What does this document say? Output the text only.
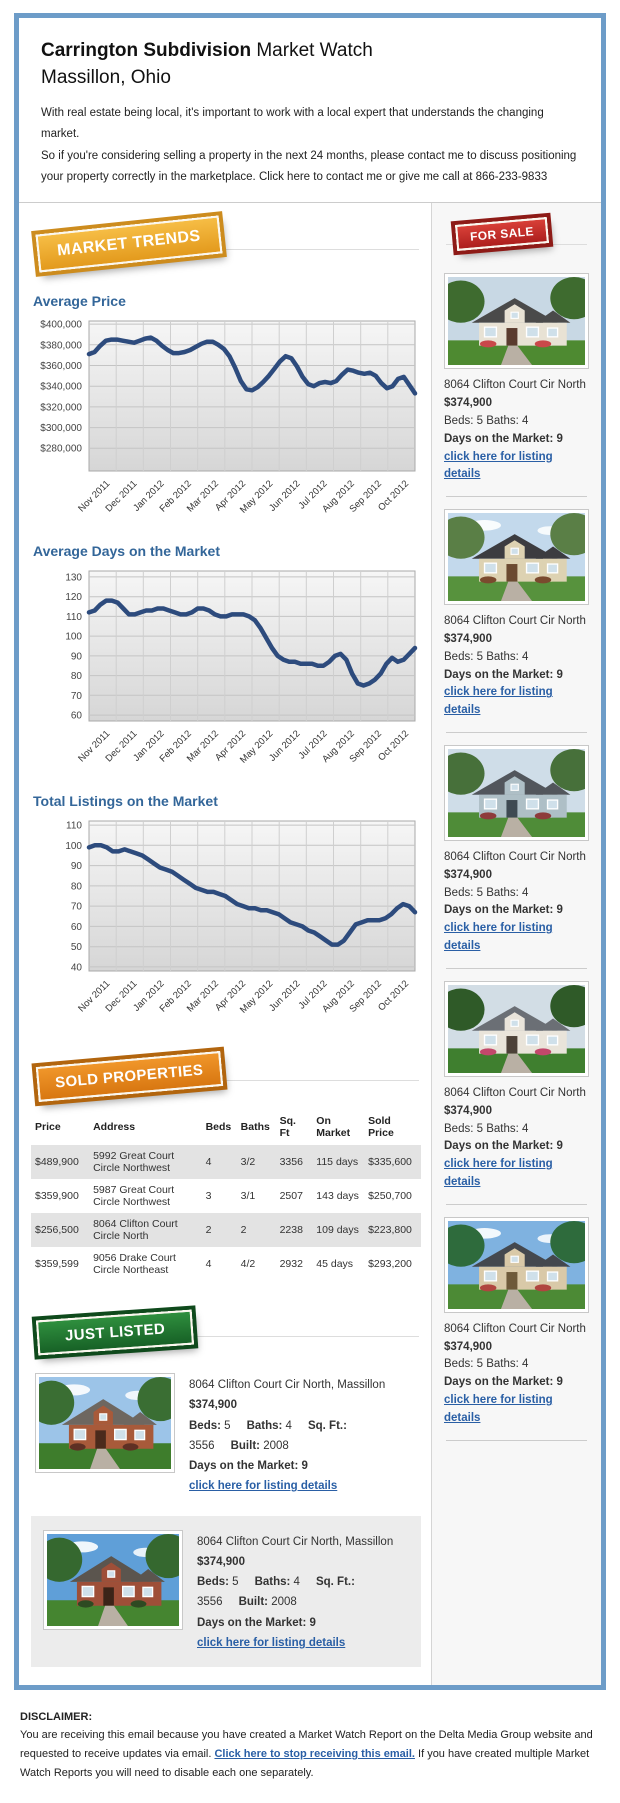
Carrington Subdivision Market Watch
Massillon, Ohio
With real estate being local, it's important to work with a local expert that understands the changing market.
So if you're considering selling a property in the next 24 months, please contact me to discuss positioning
your property correctly in the marketplace. Click here to contact me or give me call at 866-233-9833
MARKET TRENDS
Average Price
$400,000
$380,000
$360,000
$340,000
$320,000
$300,000
$280,000
Nov 2011
Dec 2011
Jan 2012
Feb 2012
Mar 2012
Apr 2012
May 2012
Jun 2012
Jul 2012
Aug 2012
Sep 2012
Oct 2012
Average Days on the Market
130
120
110
100
90
80
70
60
Nov 2011
Dec 2011
Jan 2012
Feb 2012
Mar 2012
Apr 2012
May 2012
Jun 2012
Jul 2012
Aug 2012
Sep 2012
Oct 2012
Total Listings on the Market
110
100
90
80
70
60
50
40
Nov 2011
Dec 2011
Jan 2012
Feb 2012
Mar 2012
Apr 2012
May 2012
Jun 2012
Jul 2012
Aug 2012
Sep 2012
Oct 2012
SOLD PROPERTIES
Price	Address	Beds	Baths	Sq. Ft	On Market	Sold Price
$489,900	5992 Great Court Circle Northwest	4	3/2	3356	115 days	$335,600
$359,900	5987 Great Court Circle Northwest	3	3/1	2507	143 days	$250,700
$256,500	8064 Clifton Court Circle North	2	2	2238	109 days	$223,800
$359,599	9056 Drake Court Circle Northeast	4	4/2	2932	45 days	$293,200
JUST LISTED
8064 Clifton Court Cir North, Massillon
$374,900
Beds: 5 Baths: 4 Sq. Ft.: 3556 Built: 2008
Days on the Market: 9
click here for listing details
8064 Clifton Court Cir North, Massillon
$374,900
Beds: 5 Baths: 4 Sq. Ft.: 3556 Built: 2008
Days on the Market: 9
click here for listing details
FOR SALE
8064 Clifton Court Cir North
$374,900
Beds: 5 Baths: 4
Days on the Market: 9
click here for listing details
8064 Clifton Court Cir North
$374,900
Beds: 5 Baths: 4
Days on the Market: 9
click here for listing details
8064 Clifton Court Cir North
$374,900
Beds: 5 Baths: 4
Days on the Market: 9
click here for listing details
8064 Clifton Court Cir North
$374,900
Beds: 5 Baths: 4
Days on the Market: 9
click here for listing details
8064 Clifton Court Cir North
$374,900
Beds: 5 Baths: 4
Days on the Market: 9
click here for listing details
DISCLAIMER:
You are receiving this email because you have created a Market Watch Report on the Delta Media Group website and requested to receive updates via email. Click here to stop receiving this email. If you have created multiple Market Watch Reports you will need to disable each one separately.
